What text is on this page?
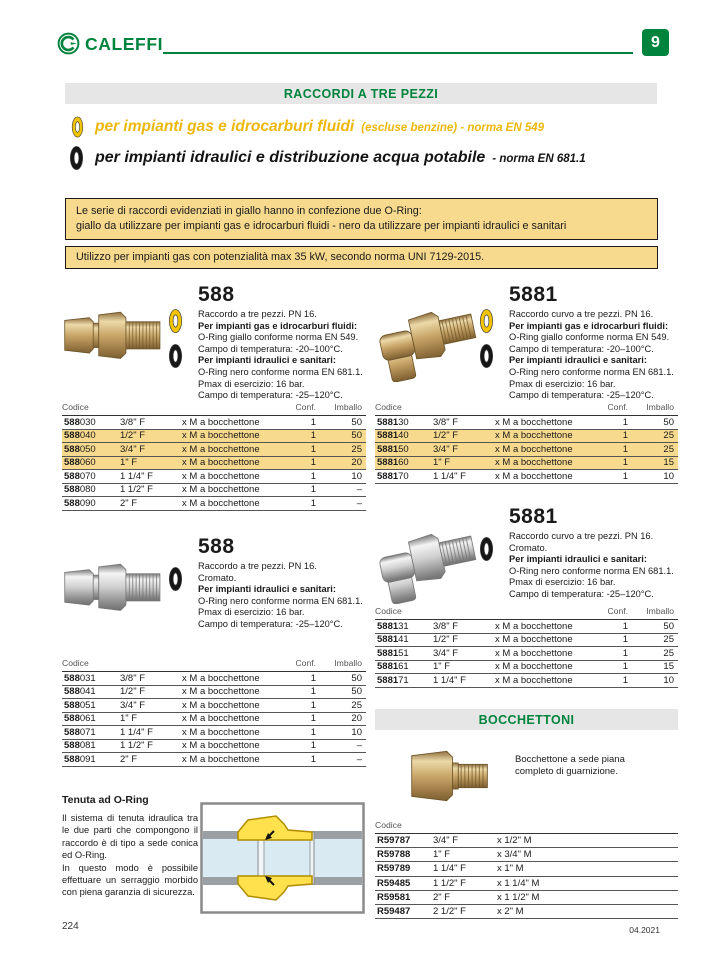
CALEFFI	9
RACCORDI A TRE PEZZI
per impianti gas e idrocarburi fluidi (escluse benzine) - norma EN 549
per impianti idraulici e distribuzione acqua potabile - norma EN 681.1
Le serie di raccordi evidenziati in giallo hanno in confezione due O-Ring:
giallo da utilizzare per impianti gas e idrocarburi fluidi - nero da utilizzare per impianti idraulici e sanitari
Utilizzo per impianti gas con potenzialità max 35 kW, secondo norma UNI 7129-2015.
588
Raccordo a tre pezzi. PN 16.
Per impianti gas e idrocarburi fluidi:
O-Ring giallo conforme norma EN 549.
Campo di temperatura: -20–100°C.
Per impianti idraulici e sanitari:
O-Ring nero conforme norma EN 681.1.
Pmax di esercizio: 16 bar.
Campo di temperatura: -25–120°C.
5881
Raccordo curvo a tre pezzi. PN 16.
Per impianti gas e idrocarburi fluidi:
O-Ring giallo conforme norma EN 549.
Campo di temperatura: -20–100°C.
Per impianti idraulici e sanitari:
O-Ring nero conforme norma EN 681.1.
Pmax di esercizio: 16 bar.
Campo di temperatura: -25–120°C.
Codice	Conf.	Imballo
588030	3/8" F	x M a bocchettone	1	50
588040	1/2" F	x M a bocchettone	1	50
588050	3/4" F	x M a bocchettone	1	25
588060	1" F	x M a bocchettone	1	20
588070	1 1/4" F	x M a bocchettone	1	10
588080	1 1/2" F	x M a bocchettone	1	–
588090	2" F	x M a bocchettone	1	–
Codice	Conf.	Imballo
588130	3/8" F	x M a bocchettone	1	50
588140	1/2" F	x M a bocchettone	1	25
588150	3/4" F	x M a bocchettone	1	25
588160	1" F	x M a bocchettone	1	15
588170	1 1/4" F	x M a bocchettone	1	10
5881
Raccordo curvo a tre pezzi. PN 16.
Cromato.
Per impianti idraulici e sanitari:
O-Ring nero conforme norma EN 681.1.
Pmax di esercizio: 16 bar.
Campo di temperatura: -25–120°C.
Codice	Conf.	Imballo
588131	3/8" F	x M a bocchettone	1	50
588141	1/2" F	x M a bocchettone	1	25
588151	3/4" F	x M a bocchettone	1	25
588161	1" F	x M a bocchettone	1	15
588171	1 1/4" F	x M a bocchettone	1	10
588
Raccordo a tre pezzi. PN 16.
Cromato.
Per impianti idraulici e sanitari:
O-Ring nero conforme norma EN 681.1.
Pmax di esercizio: 16 bar.
Campo di temperatura: -25–120°C.
Codice	Conf.	Imballo
588031	3/8" F	x M a bocchettone	1	50
588041	1/2" F	x M a bocchettone	1	50
588051	3/4" F	x M a bocchettone	1	25
588061	1" F	x M a bocchettone	1	20
588071	1 1/4" F	x M a bocchettone	1	10
588081	1 1/2" F	x M a bocchettone	1	–
588091	2" F	x M a bocchettone	1	–
BOCCHETTONI
Bocchettone a sede piana
completo di guarnizione.
Codice
R59787	3/4" F	x 1/2" M
R59788	1" F	x 3/4" M
R59789	1 1/4" F	x 1" M
R59485	1 1/2" F	x 1 1/4" M
R59581	2" F	x 1 1/2" M
R59487	2 1/2" F	x 2" M
Tenuta ad O-Ring

Il sistema di tenuta idraulica tra le due parti che compongono il raccordo è di tipo a sede conica ed O-Ring.

In questo modo è possibile effettuare un serraggio morbido con piena garanzia di sicurezza.

224	04.2021
